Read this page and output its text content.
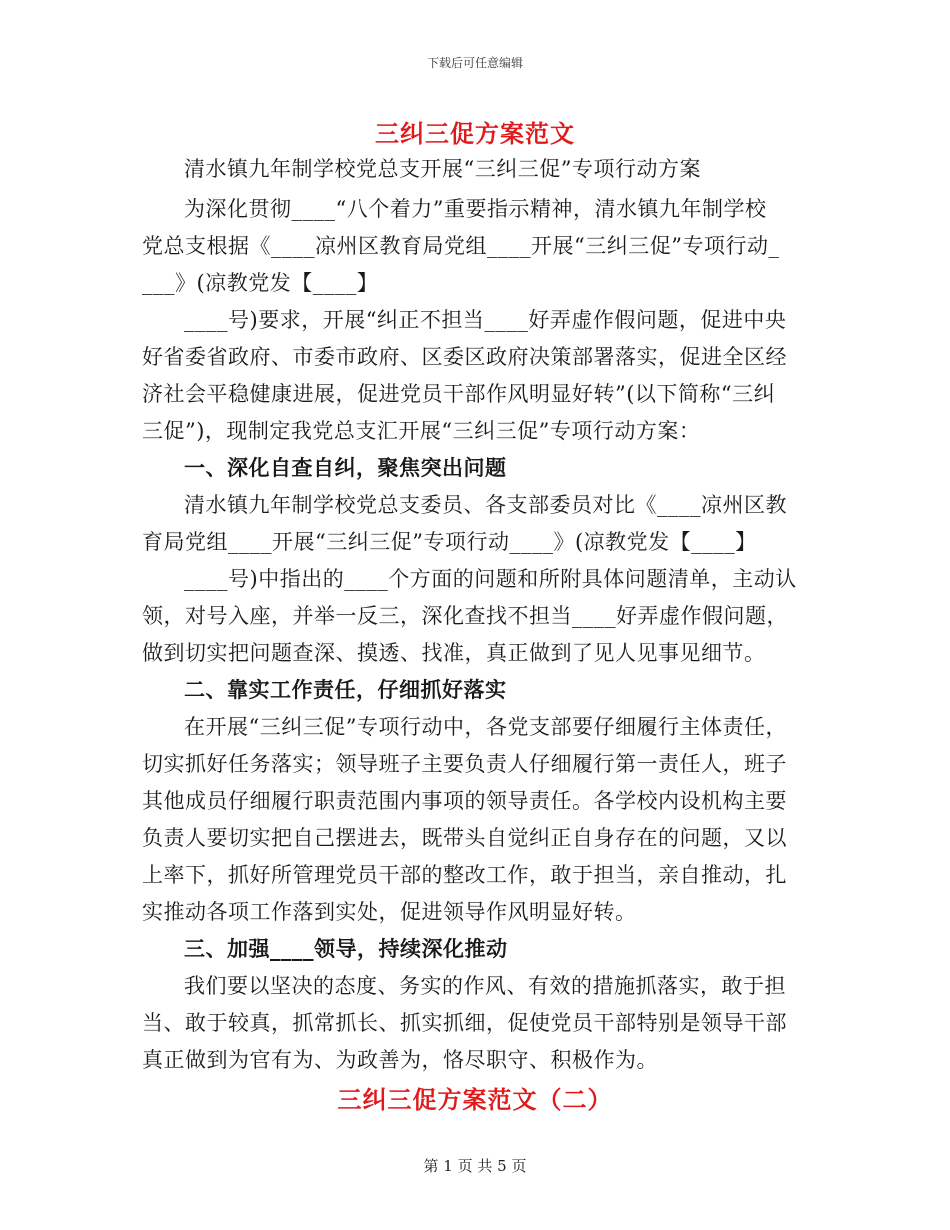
下载后可任意编辑
三纠三促方案范文
清水镇九年制学校党总支开展“三纠三促”专项行动方案
为深化贯彻____“八个着力”重要指示精神，清水镇九年制学校
党总支根据《____凉州区教育局党组____开展“三纠三促”专项行动_
___》(凉教党发【____】
____号)要求，开展“纠正不担当____好弄虚作假问题，促进中央
好省委省政府、市委市政府、区委区政府决策部署落实，促进全区经
济社会平稳健康进展，促进党员干部作风明显好转”(以下简称“三纠
三促”)，现制定我党总支汇开展“三纠三促”专项行动方案：
一、深化自查自纠，聚焦突出问题
清水镇九年制学校党总支委员、各支部委员对比《____凉州区教
育局党组____开展“三纠三促”专项行动____》(凉教党发【____】
____号)中指出的____个方面的问题和所附具体问题清单，主动认
领，对号入座，并举一反三，深化查找不担当____好弄虚作假问题，
做到切实把问题查深、摸透、找准，真正做到了见人见事见细节。
二、靠实工作责任，仔细抓好落实
在开展“三纠三促”专项行动中，各党支部要仔细履行主体责任，
切实抓好任务落实；领导班子主要负责人仔细履行第一责任人，班子
其他成员仔细履行职责范围内事项的领导责任。各学校内设机构主要
负责人要切实把自己摆进去，既带头自觉纠正自身存在的问题，又以
上率下，抓好所管理党员干部的整改工作，敢于担当，亲自推动，扎
实推动各项工作落到实处，促进领导作风明显好转。
三、加强____领导，持续深化推动
我们要以坚决的态度、务实的作风、有效的措施抓落实，敢于担
当、敢于较真，抓常抓长、抓实抓细，促使党员干部特别是领导干部
真正做到为官有为、为政善为，恪尽职守、积极作为。
三纠三促方案范文（二）
第 1 页 共 5 页
